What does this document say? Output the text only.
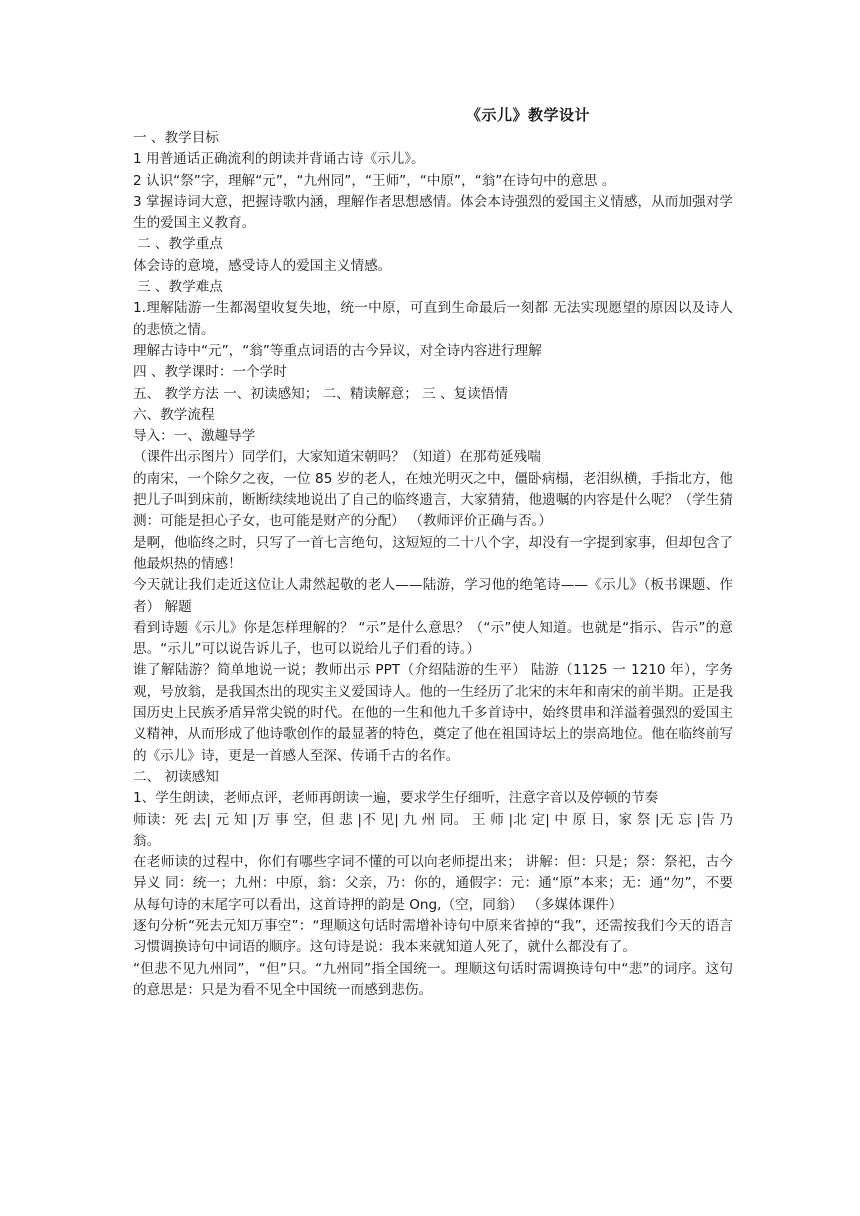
《示儿》教学设计

一 、教学目标

1 用普通话正确流利的朗读并背诵古诗《示儿》。

2 认识“祭”字，理解“元”，“九州同”，“王师”，“中原”，“翁”在诗句中的意思 。

3 掌握诗词大意，把握诗歌内涵，理解作者思想感情。体会本诗强烈的爱国主义情感，从而加强对学生的爱国主义教育。

二 、教学重点

体会诗的意境，感受诗人的爱国主义情感。

三 、教学难点

1.理解陆游一生都渴望收复失地，统一中原，可直到生命最后一刻都 无法实现愿望的原因以及诗人的悲愤之情。

理解古诗中“元”，“翁”等重点词语的古今异议，对全诗内容进行理解

四 、教学课时：一个学时

五、 教学方法 一、初读感知； 二、精读解意； 三 、复读悟情

六、教学流程

导入：一、激趣导学

（课件出示图片）同学们，大家知道宋朝吗？（知道）在那苟延残喘

的南宋，一个除夕之夜，一位 85 岁的老人，在烛光明灭之中，僵卧病榻，老泪纵横，手指北方，他把儿子叫到床前，断断续续地说出了自己的临终遗言，大家猜猜，他遗嘱的内容是什么呢？（学生猜测：可能是担心子女，也可能是财产的分配） （教师评价正确与否。）

是啊，他临终之时，只写了一首七言绝句，这短短的二十八个字，却没有一字提到家事，但却包含了他最炽热的情感！

今天就让我们走近这位让人肃然起敬的老人——陆游，学习他的绝笔诗——《示儿》（板书课题、作者） 解题

看到诗题《示儿》你是怎样理解的？ “示”是什么意思？（“示”使人知道。也就是“指示、告示”的意思。“示儿”可以说告诉儿子，也可以说给儿子们看的诗。）

谁了解陆游？简单地说一说；教师出示 PPT（介绍陆游的生平） 陆游（1125 一 1210 年），字务观，号放翁，是我国杰出的现实主义爱国诗人。他的一生经历了北宋的末年和南宋的前半期。正是我国历史上民族矛盾异常尖锐的时代。在他的一生和他九千多首诗中，始终贯串和洋溢着强烈的爱国主义精神，从而形成了他诗歌创作的最显著的特色，奠定了他在祖国诗坛上的崇高地位。他在临终前写的《示儿》诗，更是一首感人至深、传诵千古的名作。

二、 初读感知

1、学生朗读，老师点评，老师再朗读一遍，要求学生仔细听，注意字音以及停顿的节奏

师读：死 去| 元 知 |万 事 空，但 悲 |不 见| 九 州 同。 王 师 |北 定| 中 原 日，家 祭 |无 忘 |告 乃 翁。

在老师读的过程中，你们有哪些字词不懂的可以向老师提出来； 讲解：但：只是；祭：祭祀，古今异义 同：统一；九州：中原，翁：父亲，乃：你的，通假字：元：通“原”本来；无：通“勿”，不要从每句诗的末尾字可以看出，这首诗押的韵是 Ong,（空，同翁） （多媒体课件）

逐句分析“死去元知万事空”：“理顺这句话时需增补诗句中原来省掉的“我”，还需按我们今天的语言习惯调换诗句中词语的顺序。这句诗是说：我本来就知道人死了，就什么都没有了。

“但悲不见九州同”，“但”只。“九州同”指全国统一。理顺这句话时需调换诗句中“悲”的词序。这句的意思是：只是为看不见全中国统一而感到悲伤。
